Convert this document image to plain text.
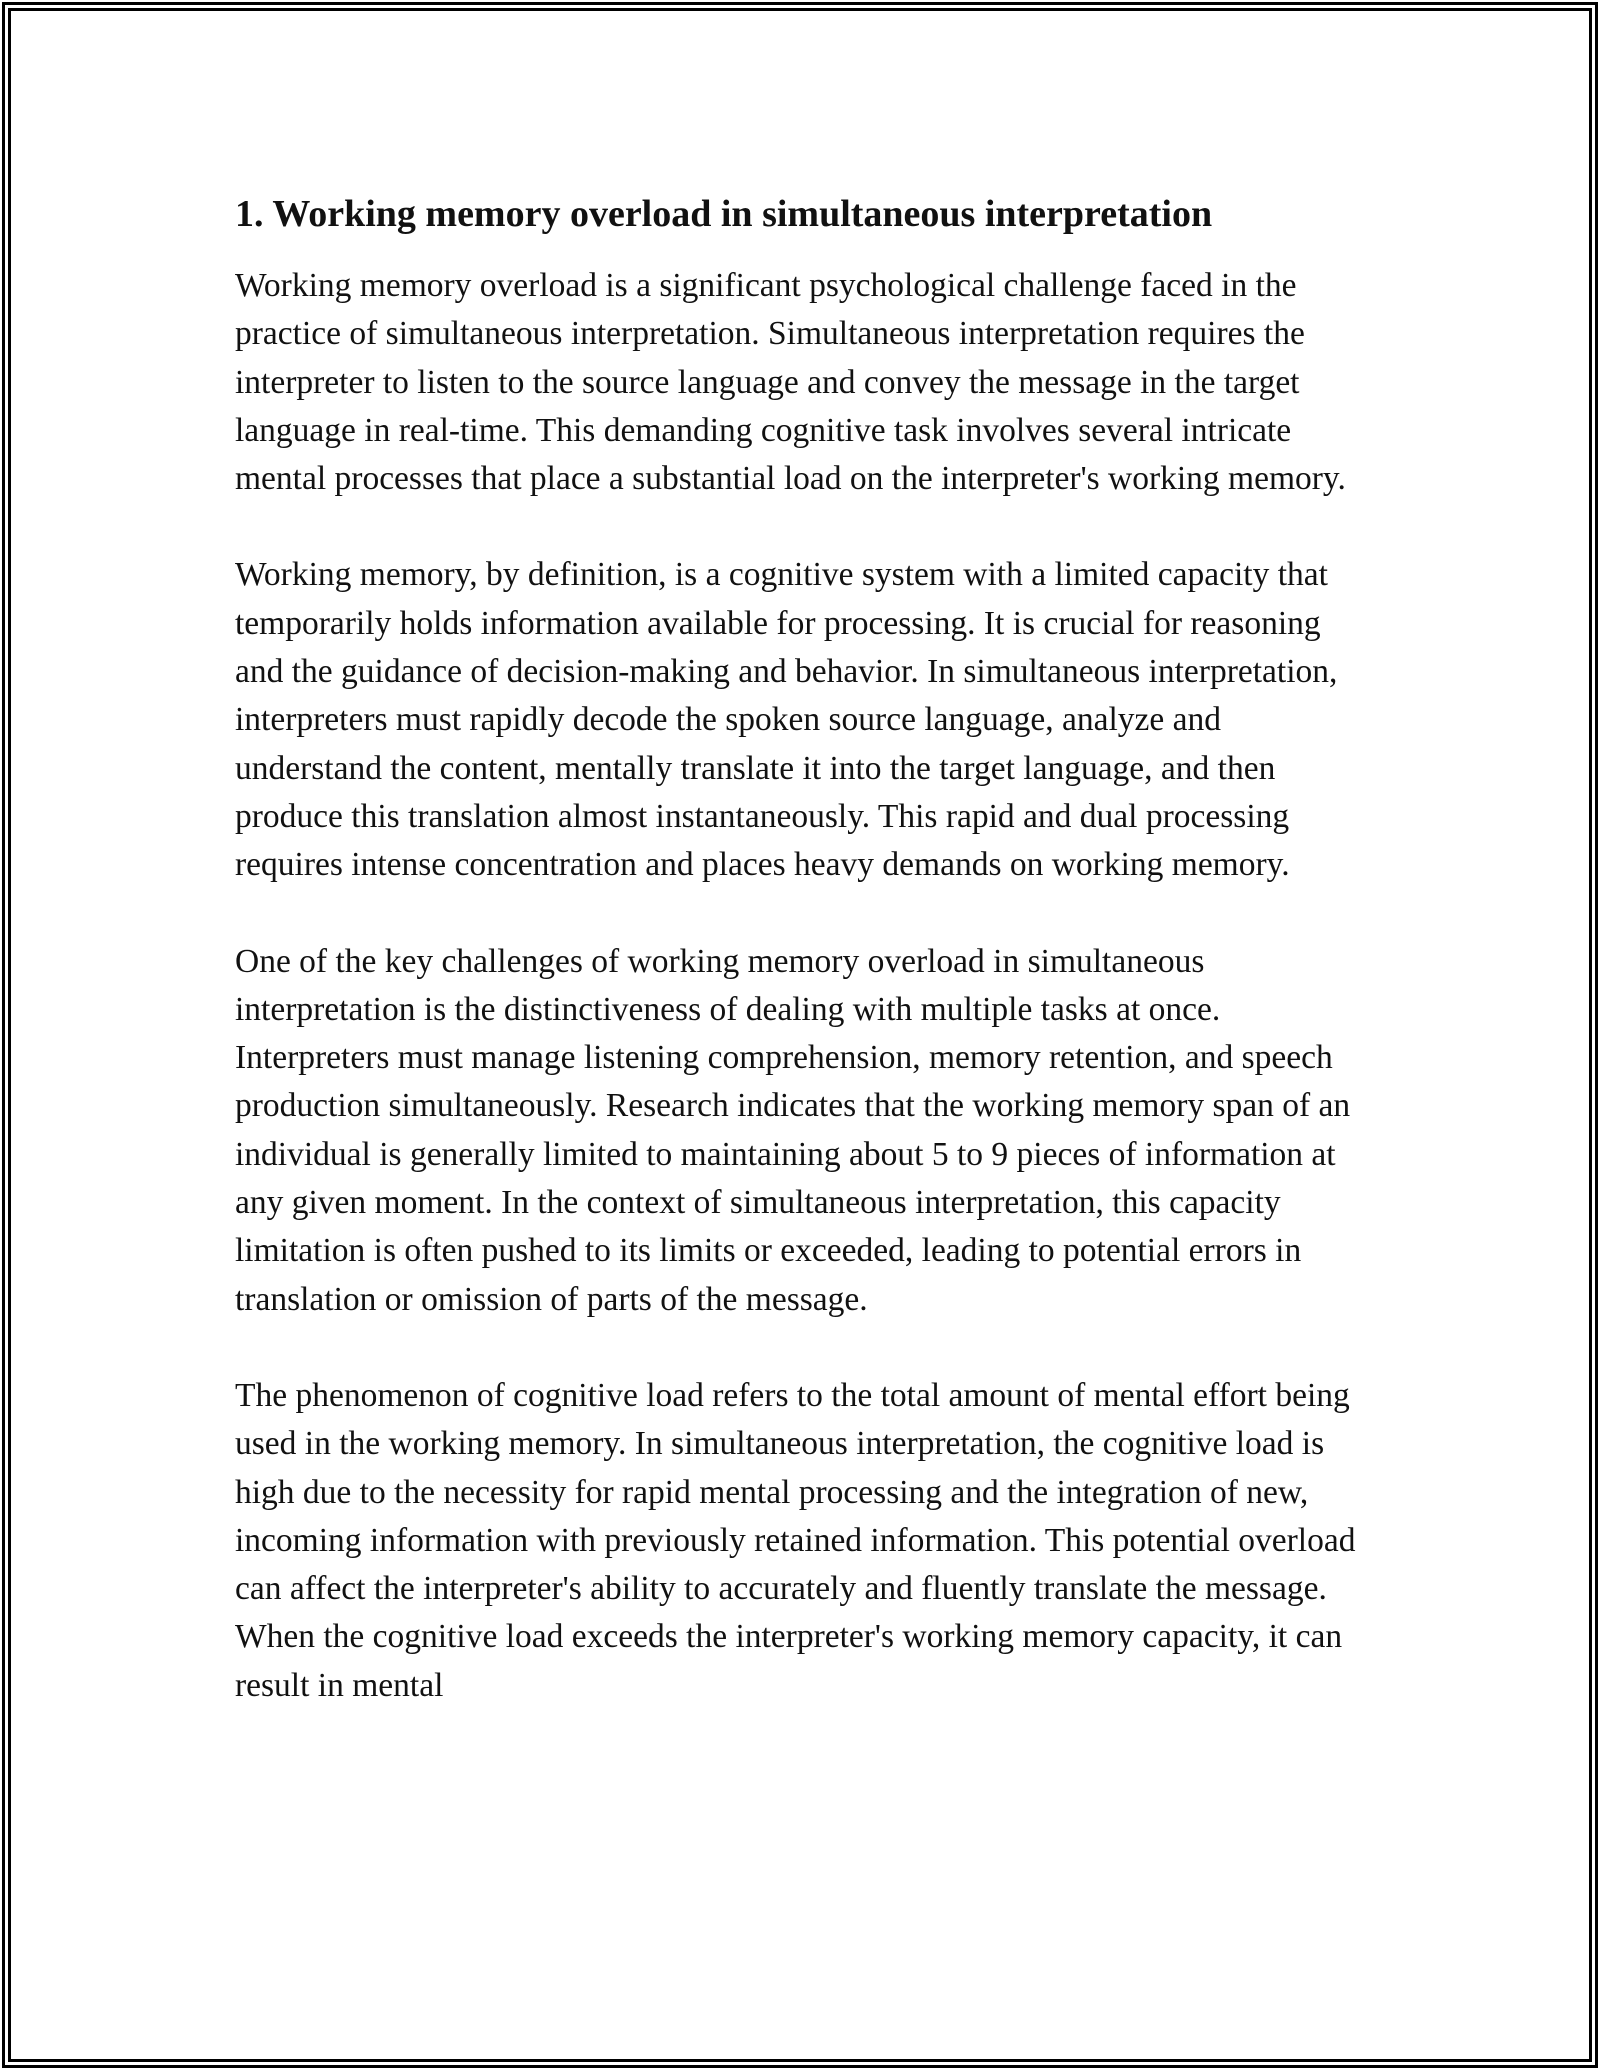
1. Working memory overload in simultaneous interpretation

Working memory overload is a significant psychological challenge faced in the practice of simultaneous interpretation. Simultaneous interpretation requires the interpreter to listen to the source language and convey the message in the target language in real-time. This demanding cognitive task involves several intricate mental processes that place a substantial load on the interpreter's working memory.

Working memory, by definition, is a cognitive system with a limited capacity that temporarily holds information available for processing. It is crucial for reasoning and the guidance of decision-making and behavior. In simultaneous interpretation, interpreters must rapidly decode the spoken source language, analyze and understand the content, mentally translate it into the target language, and then produce this translation almost instantaneously. This rapid and dual processing requires intense concentration and places heavy demands on working memory.

One of the key challenges of working memory overload in simultaneous interpretation is the distinctiveness of dealing with multiple tasks at once. Interpreters must manage listening comprehension, memory retention, and speech production simultaneously. Research indicates that the working memory span of an individual is generally limited to maintaining about 5 to 9 pieces of information at any given moment. In the context of simultaneous interpretation, this capacity limitation is often pushed to its limits or exceeded, leading to potential errors in translation or omission of parts of the message.

The phenomenon of cognitive load refers to the total amount of mental effort being used in the working memory. In simultaneous interpretation, the cognitive load is high due to the necessity for rapid mental processing and the integration of new, incoming information with previously retained information. This potential overload can affect the interpreter's ability to accurately and fluently translate the message. When the cognitive load exceeds the interpreter's working memory capacity, it can result in mental
